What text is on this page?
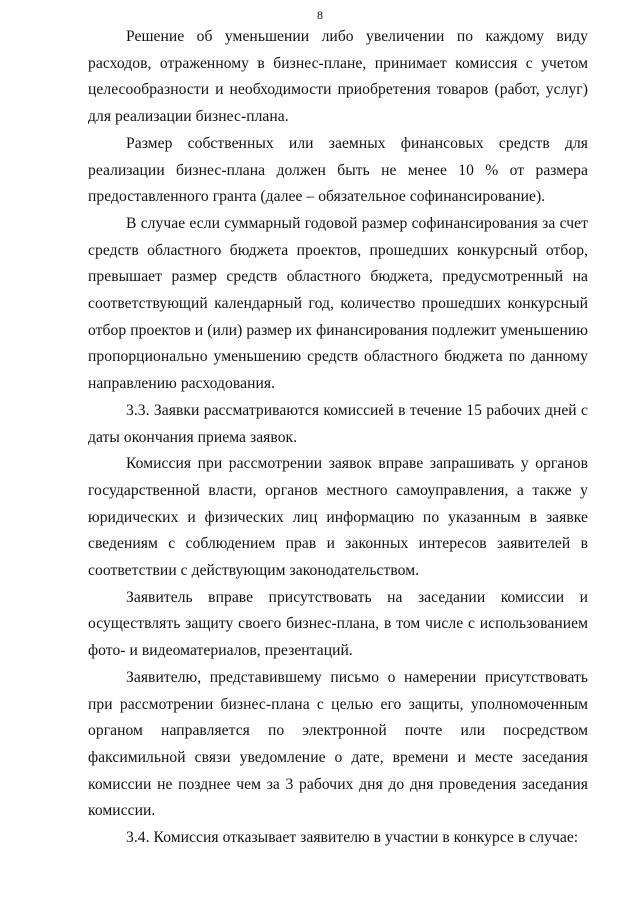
8

Решение об уменьшении либо увеличении по каждому виду расходов, отраженному в бизнес-плане, принимает комиссия с учетом целесообразности и необходимости приобретения товаров (работ, услуг) для реализации бизнес-плана.

Размер собственных или заемных финансовых средств для реализации бизнес-плана должен быть не менее 10 % от размера предоставленного гранта (далее – обязательное софинансирование).

В случае если суммарный годовой размер софинансирования за счет средств областного бюджета проектов, прошедших конкурсный отбор, превышает размер средств областного бюджета, предусмотренный на соответствующий календарный год, количество прошедших конкурсный отбор проектов и (или) размер их финансирования подлежит уменьшению пропорционально уменьшению средств областного бюджета по данному направлению расходования.

3.3. Заявки рассматриваются комиссией в течение 15 рабочих дней с даты окончания приема заявок.

Комиссия при рассмотрении заявок вправе запрашивать у органов государственной власти, органов местного самоуправления, а также у юридических и физических лиц информацию по указанным в заявке сведениям с соблюдением прав и законных интересов заявителей в соответствии с действующим законодательством.

Заявитель вправе присутствовать на заседании комиссии и осуществлять защиту своего бизнес-плана, в том числе с использованием фото- и видеоматериалов, презентаций.

Заявителю, представившему письмо о намерении присутствовать при рассмотрении бизнес-плана с целью его защиты, уполномоченным органом направляется по электронной почте или посредством факсимильной связи уведомление о дате, времени и месте заседания комиссии не позднее чем за 3 рабочих дня до дня проведения заседания комиссии.

3.4. Комиссия отказывает заявителю в участии в конкурсе в случае:
